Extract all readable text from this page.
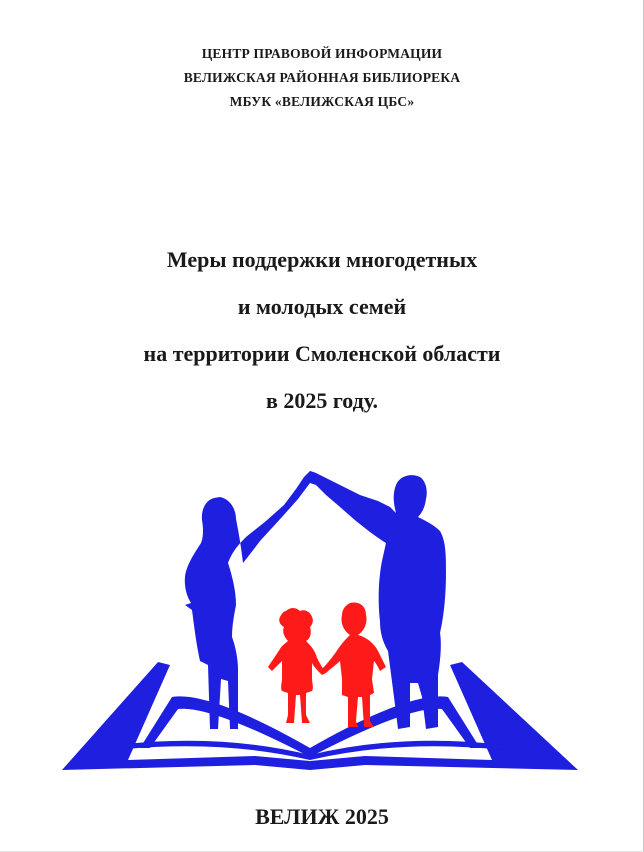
ЦЕНТР ПРАВОВОЙ ИНФОРМАЦИИ
ВЕЛИЖСКАЯ РАЙОННАЯ БИБЛИОРЕКА
МБУК «ВЕЛИЖСКАЯ ЦБС»
Меры поддержки многодетных
и молодых семей
на территории Смоленской области
в 2025 году.
ВЕЛИЖ 2025
